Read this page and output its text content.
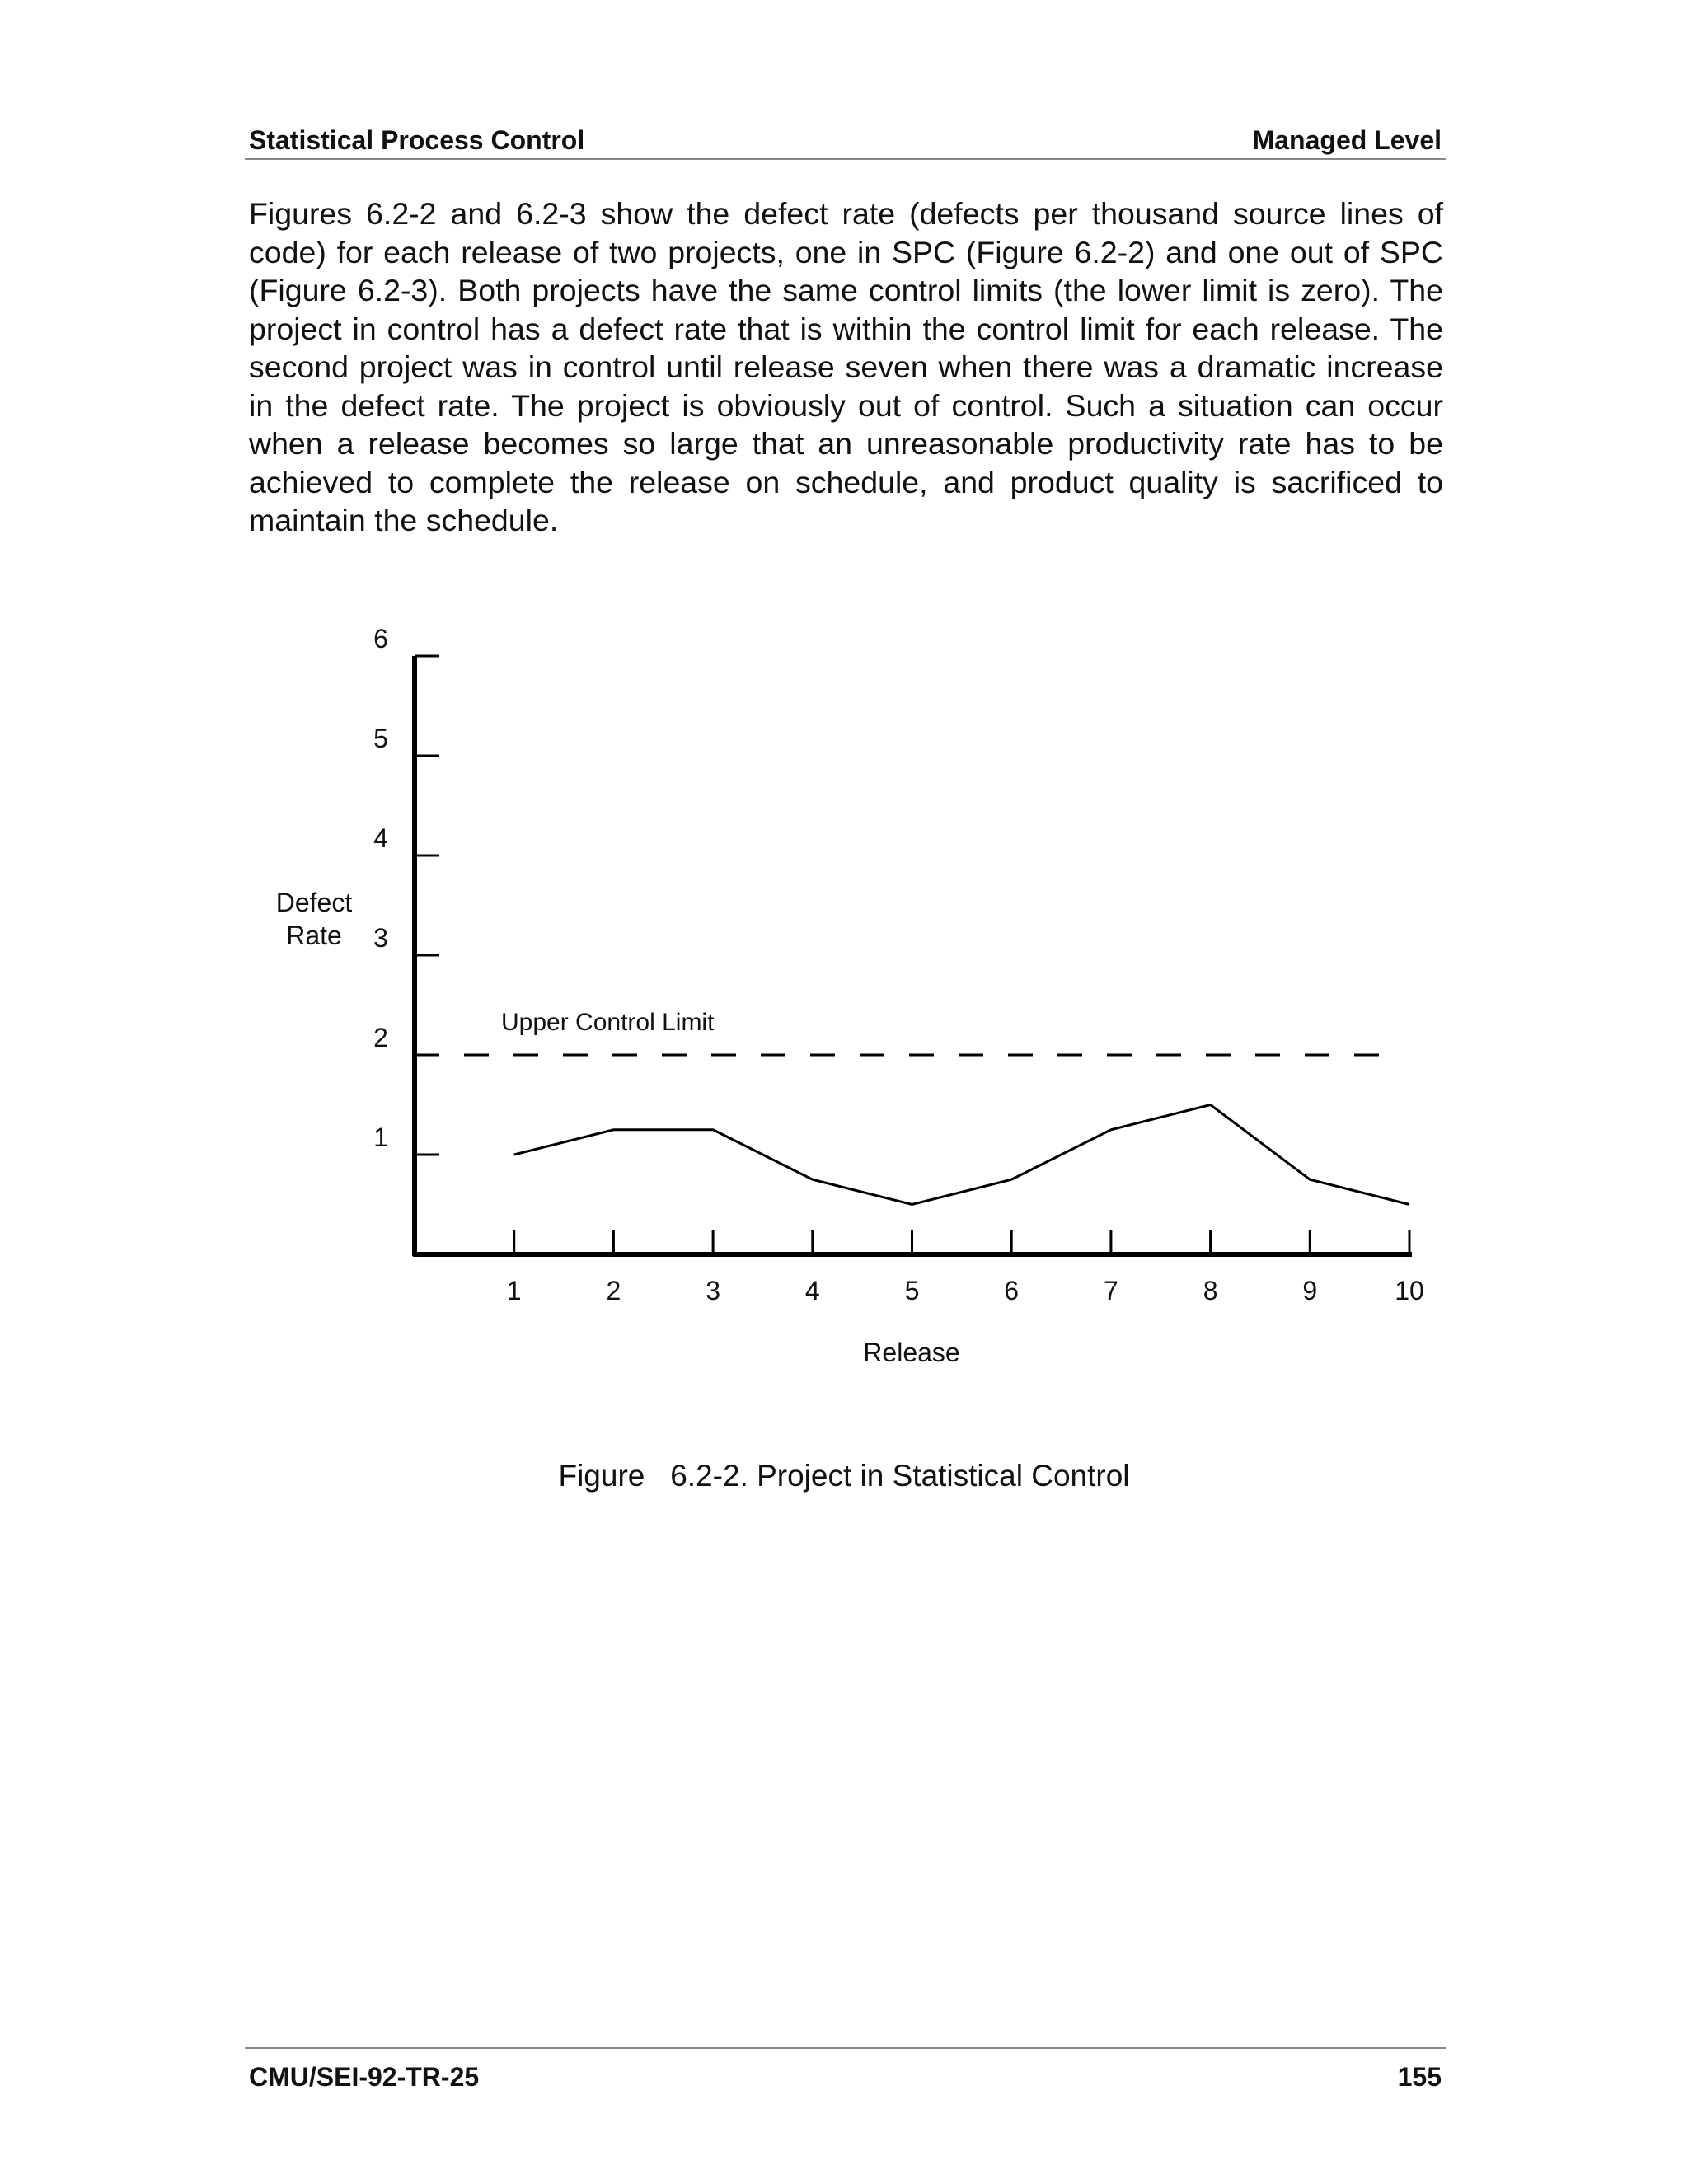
Statistical Process Control	Managed Level

Figures 6.2-2 and 6.2-3 show the defect rate (defects per thousand source lines of code) for each release of two projects, one in SPC (Figure 6.2-2) and one out of SPC (Figure 6.2-3). Both projects have the same control limits (the lower limit is zero). The project in control has a defect rate that is within the control limit for each release. The second project was in control until release seven when there was a dramatic increase in the defect rate. The project is obviously out of control. Such a situation can occur when a release becomes so large that an unreasonable productivity rate has to be achieved to complete the release on schedule, and product quality is sacrificed to maintain the schedule.

1
2
3
4
5
6
1	2	3	4	5	6	7	8	9	10
Upper Control Limit
Release
Defect
Rate
Figure   6.2-2. Project in Statistical Control
CMU/SEI-92-TR-25	155
